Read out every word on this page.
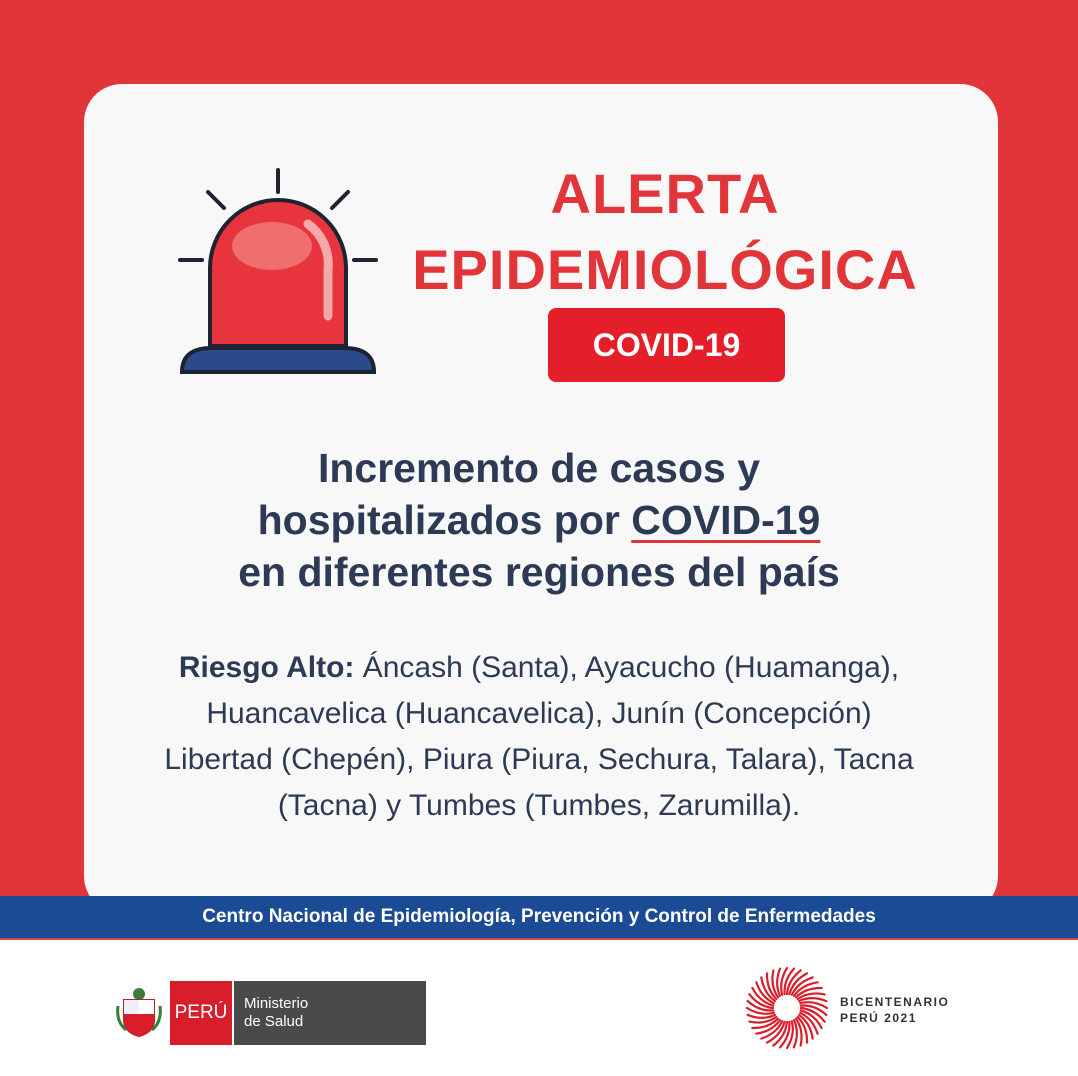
ALERTA
EPIDEMIOLÓGICA
COVID-19
Incremento de casos y
hospitalizados por COVID-19
en diferentes regiones del país
Riesgo Alto: Áncash (Santa), Ayacucho (Huamanga),
Huancavelica (Huancavelica), Junín (Concepción)
Libertad (Chepén), Piura (Piura, Sechura, Talara), Tacna
(Tacna) y Tumbes (Tumbes, Zarumilla).
Centro Nacional de Epidemiología, Prevención y Control de Enfermedades
PERÚ	Ministerio
de Salud
BICENTENARIO
PERÚ 2021
